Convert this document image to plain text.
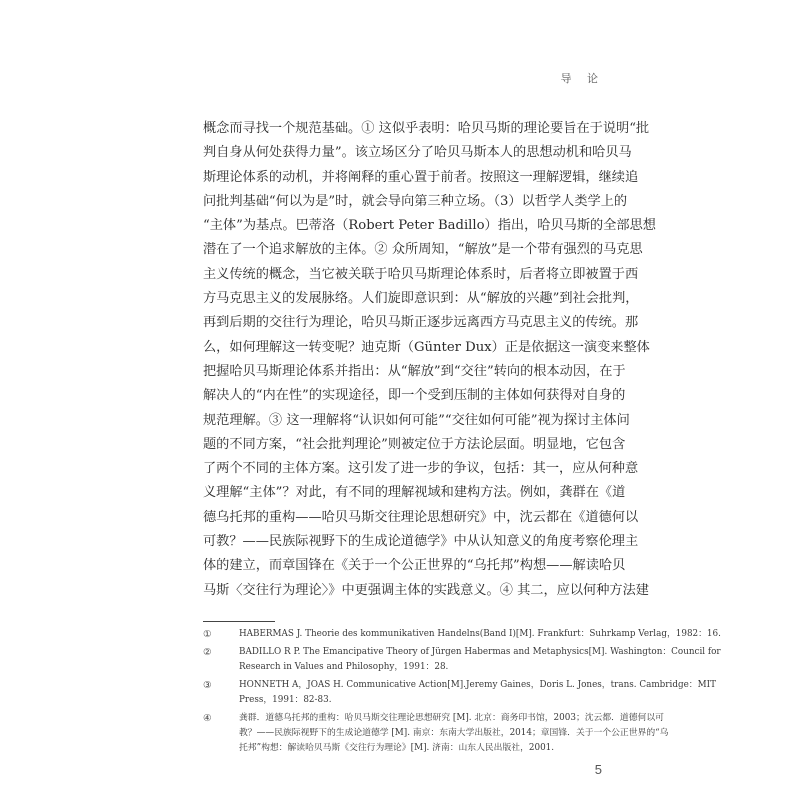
导 论
概念而寻找一个规范基础。① 这似乎表明：哈贝马斯的理论要旨在于说明“批
判自身从何处获得力量”。该立场区分了哈贝马斯本人的思想动机和哈贝马
斯理论体系的动机，并将阐释的重心置于前者。按照这一理解逻辑，继续追
问批判基础“何以为是”时，就会导向第三种立场。（3）以哲学人类学上的
“主体”为基点。巴蒂洛（Robert Peter Badillo）指出，哈贝马斯的全部思想
潜在了一个追求解放的主体。② 众所周知，“解放”是一个带有强烈的马克思
主义传统的概念，当它被关联于哈贝马斯理论体系时，后者将立即被置于西
方马克思主义的发展脉络。人们旋即意识到：从“解放的兴趣”到社会批判，
再到后期的交往行为理论，哈贝马斯正逐步远离西方马克思主义的传统。那
么，如何理解这一转变呢？迪克斯（Günter Dux）正是依据这一演变来整体
把握哈贝马斯理论体系并指出：从“解放”到“交往”转向的根本动因，在于
解决人的“内在性”的实现途径，即一个受到压制的主体如何获得对自身的
规范理解。③ 这一理解将“认识如何可能”“交往如何可能”视为探讨主体问
题的不同方案，“社会批判理论”则被定位于方法论层面。明显地，它包含
了两个不同的主体方案。这引发了进一步的争议，包括：其一，应从何种意
义理解“主体”？对此，有不同的理解视域和建构方法。例如，龚群在《道
德乌托邦的重构——哈贝马斯交往理论思想研究》中，沈云都在《道德何以
可教？——民族际视野下的生成论道德学》中从认知意义的角度考察伦理主
体的建立，而章国锋在《关于一个公正世界的“乌托邦”构想——解读哈贝
马斯〈交往行为理论〉》中更强调主体的实践意义。④ 其二，应以何种方法建
①	HABERMAS J. Theorie des kommunikativen Handelns(Band I)[M]. Frankfurt：Suhrkamp Verlag，1982：16.
②	BADILLO R P. The Emancipative Theory of Jürgen Habermas and Metaphysics[M]. Washington：Council for
Research in Values and Philosophy，1991：28.
③	HONNETH A，JOAS H. Communicative Action[M].Jeremy Gaines，Doris L. Jones，trans. Cambridge：MIT
Press，1991：82-83.
④	龚群．道德乌托邦的重构：哈贝马斯交往理论思想研究 [M]. 北京：商务印书馆，2003；沈云都．道德何以可
教？——民族际视野下的生成论道德学 [M]. 南京：东南大学出版社，2014；章国锋．关于一个公正世界的“乌
托邦”构想：解读哈贝马斯《交往行为理论》[M]. 济南：山东人民出版社，2001.
5
